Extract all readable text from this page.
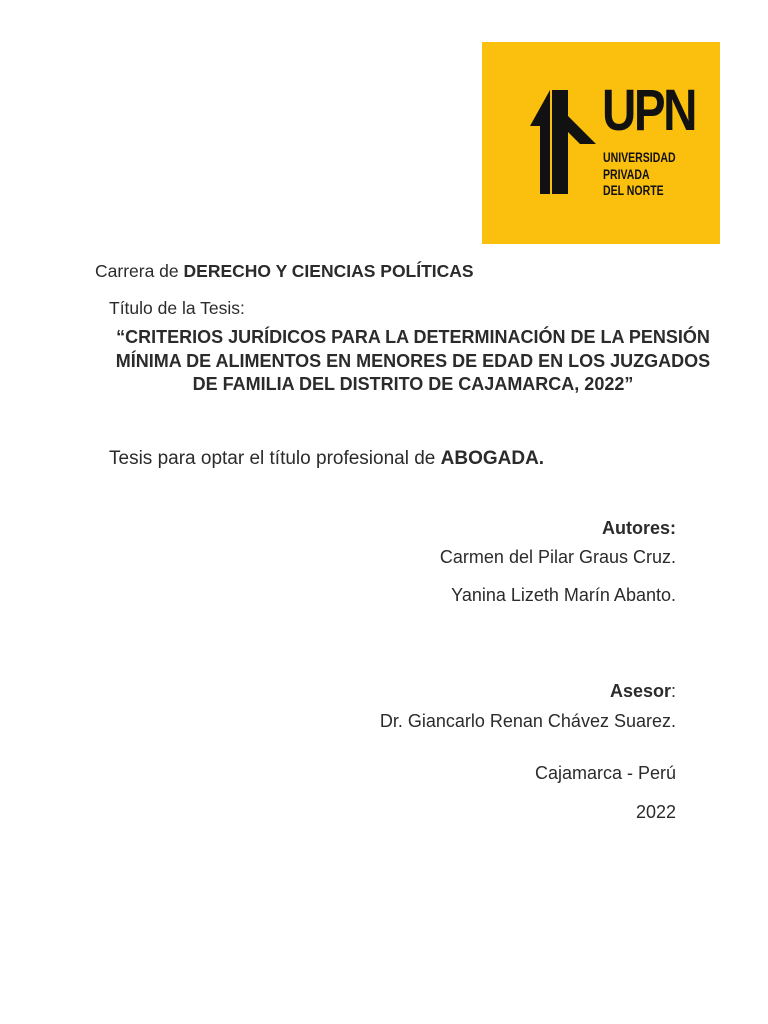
UPN
UNIVERSIDAD
PRIVADA
DEL NORTE
Carrera de DERECHO Y CIENCIAS POLÍTICAS
Título de la Tesis:
“CRITERIOS JURÍDICOS PARA LA DETERMINACIÓN DE LA PENSIÓN MÍNIMA DE ALIMENTOS EN MENORES DE EDAD EN LOS JUZGADOS DE FAMILIA DEL DISTRITO DE CAJAMARCA, 2022”
Tesis para optar el título profesional de ABOGADA.
Autores:
Carmen del Pilar Graus Cruz.
Yanina Lizeth Marín Abanto.
Asesor:
Dr. Giancarlo Renan Chávez Suarez.
Cajamarca - Perú
2022
